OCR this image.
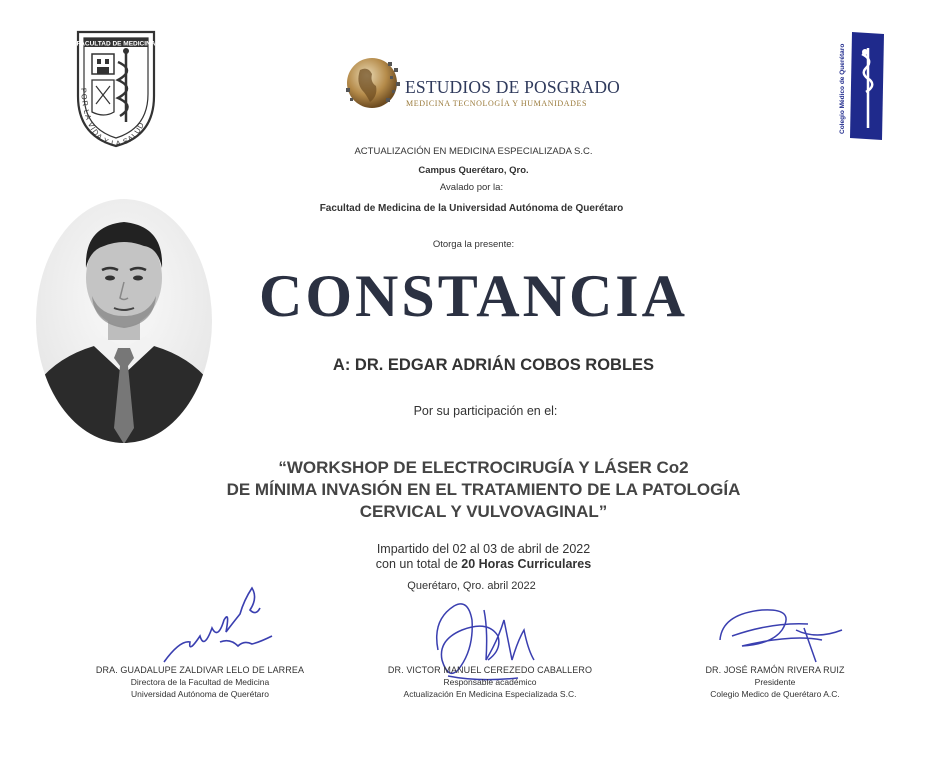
FACULTAD DE MEDICINA
POR LA VIDA Y LA SALUD	Colegio Médico de Querétaro
ESTUDIOS DE POSGRADO
MEDICINA TECNOLOGÍA Y HUMANIDADES
ACTUALIZACIÓN EN MEDICINA ESPECIALIZADA S.C.
Campus Querétaro, Qro.
Avalado por la:
Facultad de Medicina de la Universidad Autónoma de Querétaro
Otorga la presente:
CONSTANCIA
A: DR. EDGAR ADRIÁN COBOS ROBLES
Por su participación en el:
“WORKSHOP DE ELECTROCIRUGÍA Y LÁSER Co2
DE MÍNIMA INVASIÓN EN EL TRATAMIENTO DE LA PATOLOGÍA
CERVICAL Y VULVOVAGINAL”
Impartido del 02 al 03 de abril de 2022
con un total de 20 Horas Curriculares
Querétaro, Qro. abril 2022
DRA. GUADALUPE ZALDIVAR LELO DE LARREA
Directora de la Facultad de Medicina
Universidad Autónoma de Querétaro
DR. VICTOR MANUEL CEREZEDO CABALLERO
Responsable académico
Actualización En Medicina Especializada S.C.
DR. JOSÉ RAMÓN RIVERA RUIZ
Presidente
Colegio Medico de Querétaro A.C.
